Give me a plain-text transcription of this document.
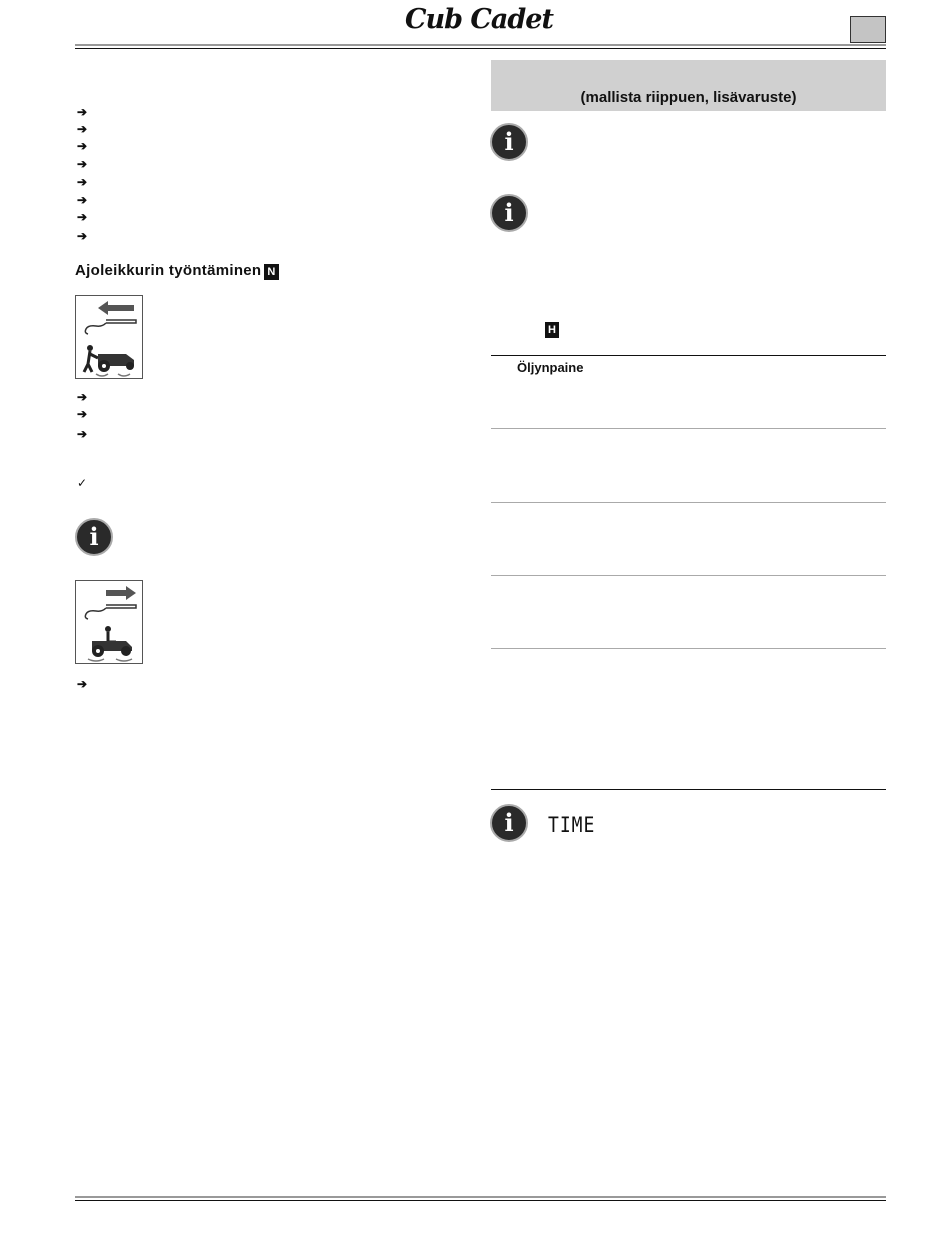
Cub Cadet
➔
➔
➔
➔
➔
➔
➔
➔
Ajoleikkurin työntäminen N
➔
➔
➔
✓
i
➔
(mallista riippuen, lisävaruste)
i
i
H
Öljynpaine
i	TIME
